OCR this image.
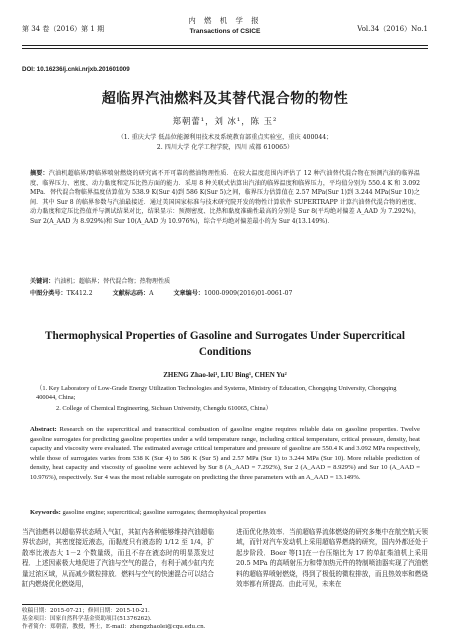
第 34 卷（2016）第 1 期
内 燃 机 学 报
Transactions of CSICE	Vol.34（2016）No.1
DOI: 10.16236/j.cnki.nrjxb.201601009
超临界汽油燃料及其替代混合物的物性
郑朝蕾¹，刘 冰¹，陈 玉²
（1. 重庆大学 低品位能源利用技术及系统教育部重点实验室，重庆 400044；
2. 四川大学 化学工程学院，四川 成都 610065）
摘要：汽油机超临界/跨临界喷射燃烧的研究离不开可靠的燃油物理性质．在较大温度范围内评估了 12 种汽油替代混合物在预测汽油的临界温度、临界压力、密度、动力黏度和定压比热方面的能力．采用 8 种关联式估算出汽油的临界温度和临界压力，平均值分别为 550.4 K 和 3.092 MPa．替代混合物临界温度估算值为 538.9 K(Sur 4)到 586 K(Sur 5)之间，临界压力估算值在 2.57 MPa(Sur 1)到 3.244 MPa(Sur 10)之间．其中 Sur 8 的临界参数与汽油最接近．通过美国国家标准与技术研究院开发的物性计算软件 SUPERTRAPP 计算汽油替代混合物的密度、动力黏度和定压比热值并与测试结果对比，结果显示：预测密度、比热和黏度准确性最高的分别是 Sur 8(平均绝对偏差 A_AAD 为 7.292%)，Sur 2(A_AAD 为 8.929%)和 Sur 10(A_AAD 为 10.976%)，综合平均绝对偏差最小的为 Sur 4(13.149%)．
关键词：汽油机；超临界；替代混合物；热物理性质
中图分类号：TK412.2	文献标志码：A	文章编号：1000-0909(2016)01-0061-07
Thermophysical Properties of Gasoline and Surrogates Under Supercritical Conditions
ZHENG Zhao-lei¹, LIU Bing¹, CHEN Yu²
（1. Key Laboratory of Low-Grade Energy Utilization Technologies and Systems, Ministry of Education, Chongqing University, Chongqing 400044, China;
2. College of Chemical Engineering, Sichuan University, Chengdu 610065, China）
Abstract: Research on the supercritical and transcritical combustion of gasoline engine requires reliable data on gasoline properties. Twelve gasoline surrogates for predicting gasoline properties under a wild temperature range, including critical temperature, critical pressure, density, heat capacity and viscosity were evaluated. The estimated average critical temperature and pressure of gasoline are 550.4 K and 3.092 MPa respectively, while those of surrogates varies from 538 K (Sur 4) to 586 K (Sur 5) and 2.57 MPa (Sur 1) to 3.244 MPa (Sur 10). More reliable prediction of density, heat capacity and viscosity of gasoline were achieved by Sur 8 (A_AAD = 7.292%), Sur 2 (A_AAD = 8.929%) and Sur 10 (A_AAD = 10.976%), respectively. Sur 4 was the most reliable surrogate on predicting the three parameters with an A_AAD = 13.149%.
Keywords: gasoline engine; supercritical; gasoline surrogates; thermophysical properties
当汽油燃料以超临界状态喷入气缸，其缸内各种能够维持汽油超临界状态时，其密度接近液态，而黏度只有液态的 1/12 至 1/4，扩散率比液态大 1－2 个数量级，而且不存在液态时的明显蒸发过程．上述因素极大地促进了汽油与空气的混合，有利于减少缸内充量过浓区域，从而减少微粒排放．燃料与空气的快速混合可以结合缸内燃烧优化燃烧用，
进而优化热效率．当前超临界流体燃烧的研究多集中在航空航天领域，而针对汽车发动机上采用超临界燃烧的研究，国内外都还处于起步阶段．Boer 等[1]在一台压缩比为 17 的单缸柴油机上采用 20.5 MPa 的高喷射压力和带加热元件的特制喷油器实现了汽油燃料的超临界喷射燃烧，得到了极低的微粒排放，而且热效率和燃烧效率都有所提高．由此可见，未来在
收稿日期：2015-07-21；修回日期：2015-10-21．
基金项目：国家自然科学基金资助项目(51376262)．
作者简介：郑朝蕾，教授，博士，E-mail：zhengzhaolei@cqu.edu.cn．
